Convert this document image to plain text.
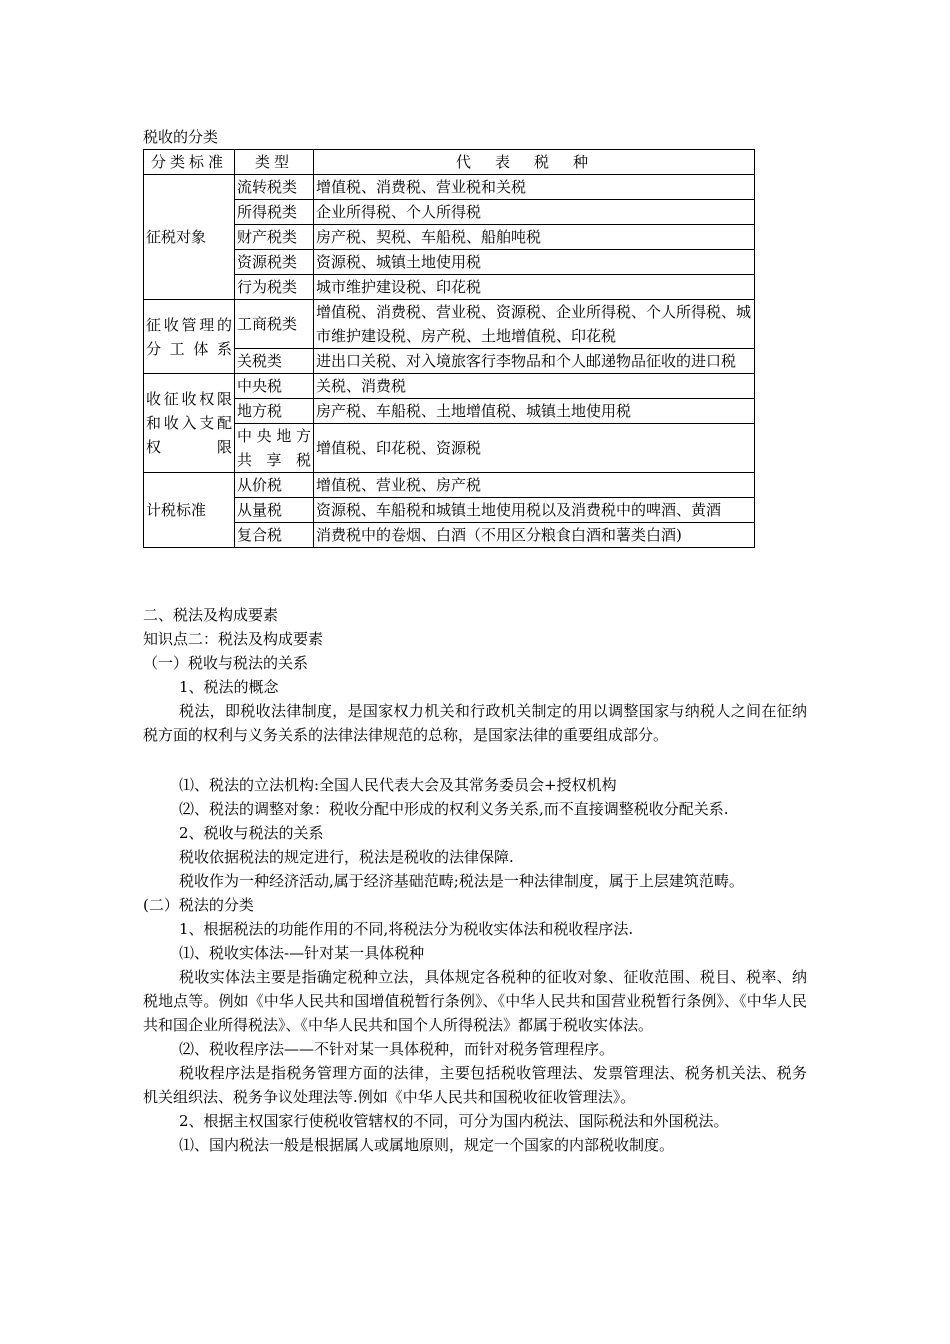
税收的分类
分类标准	类型	代表税种
征税对象	流转税类	增值税、消费税、营业税和关税
	所得税类	企业所得税、个人所得税
	财产税类	房产税、契税、车船税、船舶吨税
	资源税类	资源税、城镇土地使用税
	行为税类	城市维护建设税、印花税
征收管理的分工体系	工商税类	增值税、消费税、营业税、资源税、企业所得税、个人所得税、城市维护建设税、房产税、土地增值税、印花税
	关税类	进出口关税、对入境旅客行李物品和个人邮递物品征收的进口税
收征收权限和收入支配权限	中央税	关税、消费税
	地方税	房产税、车船税、土地增值税、城镇土地使用税
	中央地方共享税	增值税、印花税、资源税
计税标准	从价税	增值税、营业税、房产税
	从量税	资源税、车船税和城镇土地使用税以及消费税中的啤酒、黄酒
	复合税	消费税中的卷烟、白酒（不用区分粮食白酒和薯类白酒)
二、税法及构成要素
知识点二：税法及构成要素
（一）税收与税法的关系
1、税法的概念
税法，即税收法律制度，是国家权力机关和行政机关制定的用以调整国家与纳税人之间在征纳税方面的权利与义务关系的法律法律规范的总称，是国家法律的重要组成部分。
⑴、税法的立法机构:全国人民代表大会及其常务委员会+授权机构
⑵、税法的调整对象：税收分配中形成的权利义务关系,而不直接调整税收分配关系.
2、税收与税法的关系
税收依据税法的规定进行，税法是税收的法律保障.
税收作为一种经济活动,属于经济基础范畴;税法是一种法律制度，属于上层建筑范畴。
(二）税法的分类
1、根据税法的功能作用的不同,将税法分为税收实体法和税收程序法.
⑴、税收实体法-—针对某一具体税种
税收实体法主要是指确定税种立法，具体规定各税种的征收对象、征收范围、税目、税率、纳税地点等。例如《中华人民共和国增值税暂行条例》、《中华人民共和国营业税暂行条例》、《中华人民共和国企业所得税法》、《中华人民共和国个人所得税法》都属于税收实体法。
⑵、税收程序法——不针对某一具体税种，而针对税务管理程序。
税收程序法是指税务管理方面的法律，主要包括税收管理法、发票管理法、税务机关法、税务机关组织法、税务争议处理法等.例如《中华人民共和国税收征收管理法》。
2、根据主权国家行使税收管辖权的不同，可分为国内税法、国际税法和外国税法。
⑴、国内税法一般是根据属人或属地原则，规定一个国家的内部税收制度。
